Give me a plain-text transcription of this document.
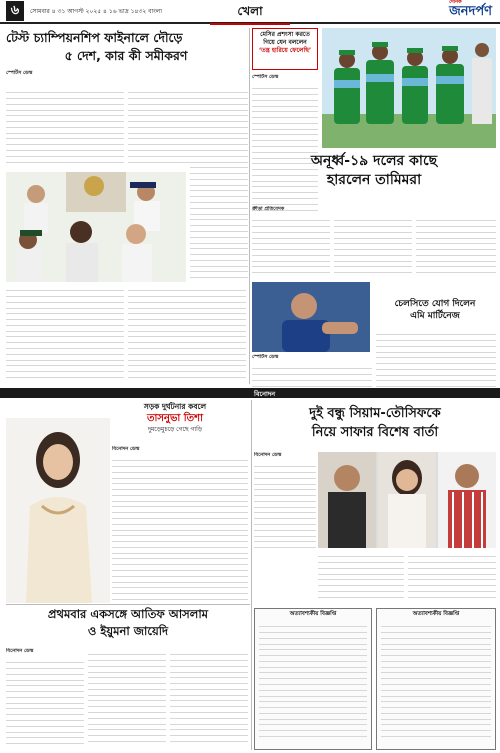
৬	সোমবার ৪ ৩১ আগস্ট ২০২৫ ৪ ১৬ ভাদ্র ১৪৩২ বাংলা	খেলা
দৈনিক
জনদর্পণ
টেস্ট চ্যাম্পিয়নশিপ ফাইনালে দৌড়ে
৫ দেশ, কার কী সমীকরণ
স্পোর্টস ডেস্ক
মেসির প্রশংসা করতে
গিয়ে যেন বললেন
‘তন্ত্র হারিয়ে ফেলেছি’
স্পোর্টস ডেস্ক
অনূর্ধ্ব-১৯ দলের কাছে
হারলেন তামিমরা
ক্রীড়া প্রতিবেদক
চেলসিতে যোগ দিলেন
এমি মার্টিনেজ
স্পোর্টস ডেস্ক
বিনোদন
সড়ক দুর্ঘটনার কবলে
তাসনুভা তিশা
দুমড়েমুচড়ে গেছে গাড়ি
বিনোদন ডেস্ক
দুই বন্ধু সিয়াম-তৌসিফকে
নিয়ে সাফার বিশেষ বার্তা
বিনোদন ডেস্ক
প্রথমবার একসঙ্গে আতিফ আসলাম
ও ইয়ুমনা জায়েদি
বিনোদন ডেস্ক
অত্যাবশ্যকীয় বিজ্ঞপ্তি	অত্যাবশ্যকীয় বিজ্ঞপ্তি
